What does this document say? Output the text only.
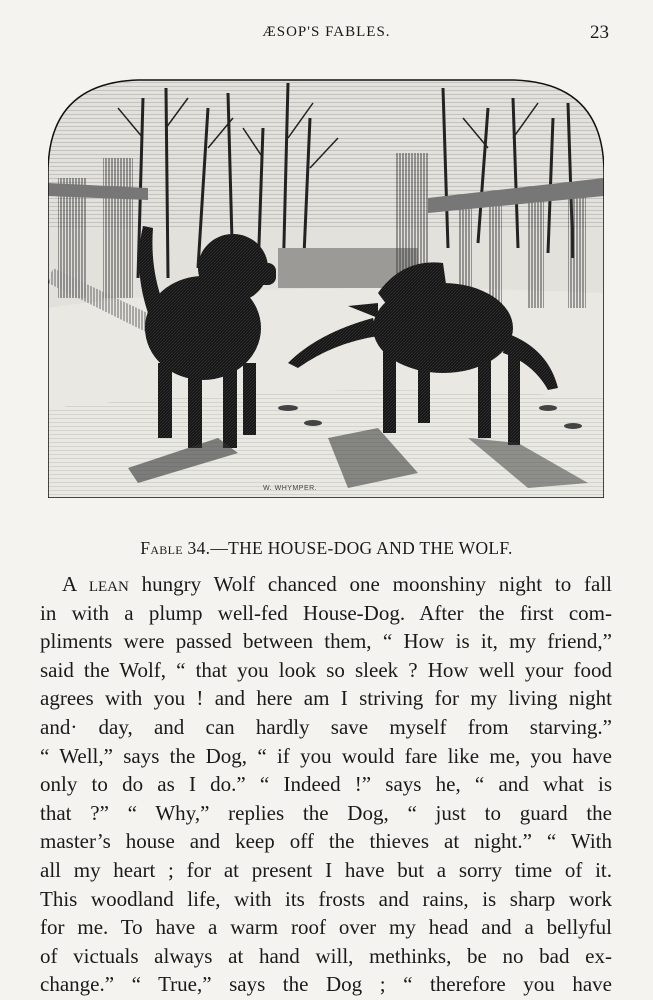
ÆSOP'S FABLES.	23
W. WHYMPER.
Fable 34.—THE HOUSE-DOG AND THE WOLF.
A lean hungry Wolf chanced one moonshiny night to fall
in with a plump well-fed House-Dog. After the first com-
pliments were passed between them, “ How is it, my friend,”
said the Wolf, “ that you look so sleek ? How well your food
agrees with you ! and here am I striving for my living night
and· day, and can hardly save myself from starving.”
“ Well,” says the Dog, “ if you would fare like me, you have
only to do as I do.” “ Indeed !” says he, “ and what is
that ?” “ Why,” replies the Dog, “ just to guard the
master’s house and keep off the thieves at night.” “ With
all my heart ; for at present I have but a sorry time of it.
This woodland life, with its frosts and rains, is sharp work
for me. To have a warm roof over my head and a bellyful
of victuals always at hand will, methinks, be no bad ex-
change.” “ True,” says the Dog ; “ therefore you have
